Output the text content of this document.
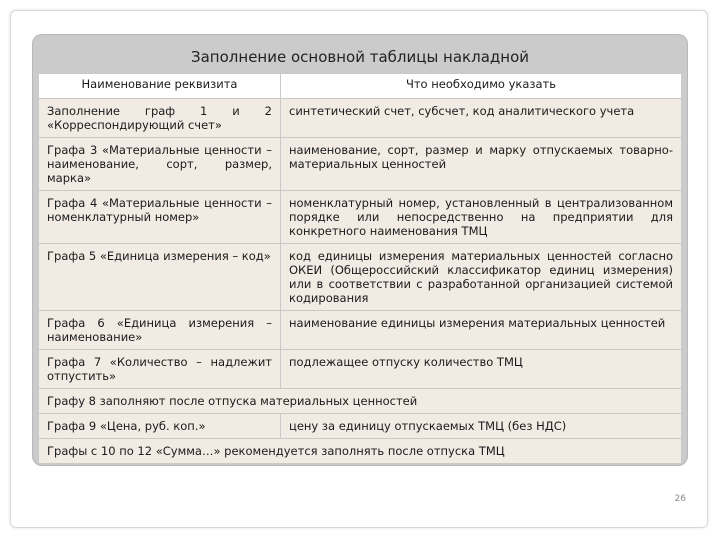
Заполнение основной таблицы накладной
Наименование реквизита	Что необходимо указать
Заполнение граф 1 и 2 «Корреспондирующий счет»	синтетический счет, субсчет, код аналитического учета
Графа 3 «Материальные ценности – наименование, сорт, размер, марка»	наименование, сорт, размер и марку отпускаемых товарно-материальных ценностей
Графа 4 «Материальные ценности – номенклатурный номер»	номенклатурный номер, установленный в централизованном порядке или непосредственно на предприятии для конкретного наименования ТМЦ
Графа 5 «Единица измерения – код»	код единицы измерения материальных ценностей согласно ОКЕИ (Общероссийский классификатор единиц измерения) или в соответствии с разработанной организацией системой кодирования
Графа 6 «Единица измерения – наименование»	наименование единицы измерения материальных ценностей
Графа 7 «Количество – надлежит отпустить»	подлежащее отпуску количество ТМЦ
Графу 8 заполняют после отпуска материальных ценностей	
Графа 9 «Цена, руб. коп.»	цену за единицу отпускаемых ТМЦ (без НДС)
Графы с 10 по 12 «Сумма…» рекомендуется заполнять после отпуска ТМЦ	
26
